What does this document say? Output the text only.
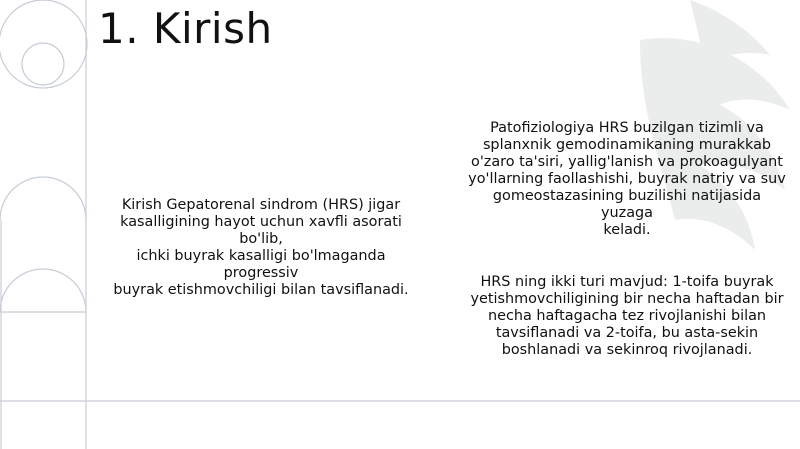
1. Kirish

Kirish Gepatorenal sindrom (HRS) jigar
kasalligining hayot uchun xavfli asorati bo'lib,
ichki buyrak kasalligi bo'lmaganda progressiv
buyrak etishmovchiligi bilan tavsiflanadi.

Patofiziologiya HRS buzilgan tizimli va
splanxnik gemodinamikaning murakkab
o'zaro ta'siri, yallig'lanish va prokoagulyant
yo'llarning faollashishi, buyrak natriy va suv
gomeostazasining buzilishi natijasida yuzaga
keladi.

HRS ning ikki turi mavjud: 1-toifa buyrak
yetishmovchiligining bir necha haftadan bir
necha haftagacha tez rivojlanishi bilan
tavsiflanadi va 2-toifa, bu asta-sekin
boshlanadi va sekinroq rivojlanadi.
